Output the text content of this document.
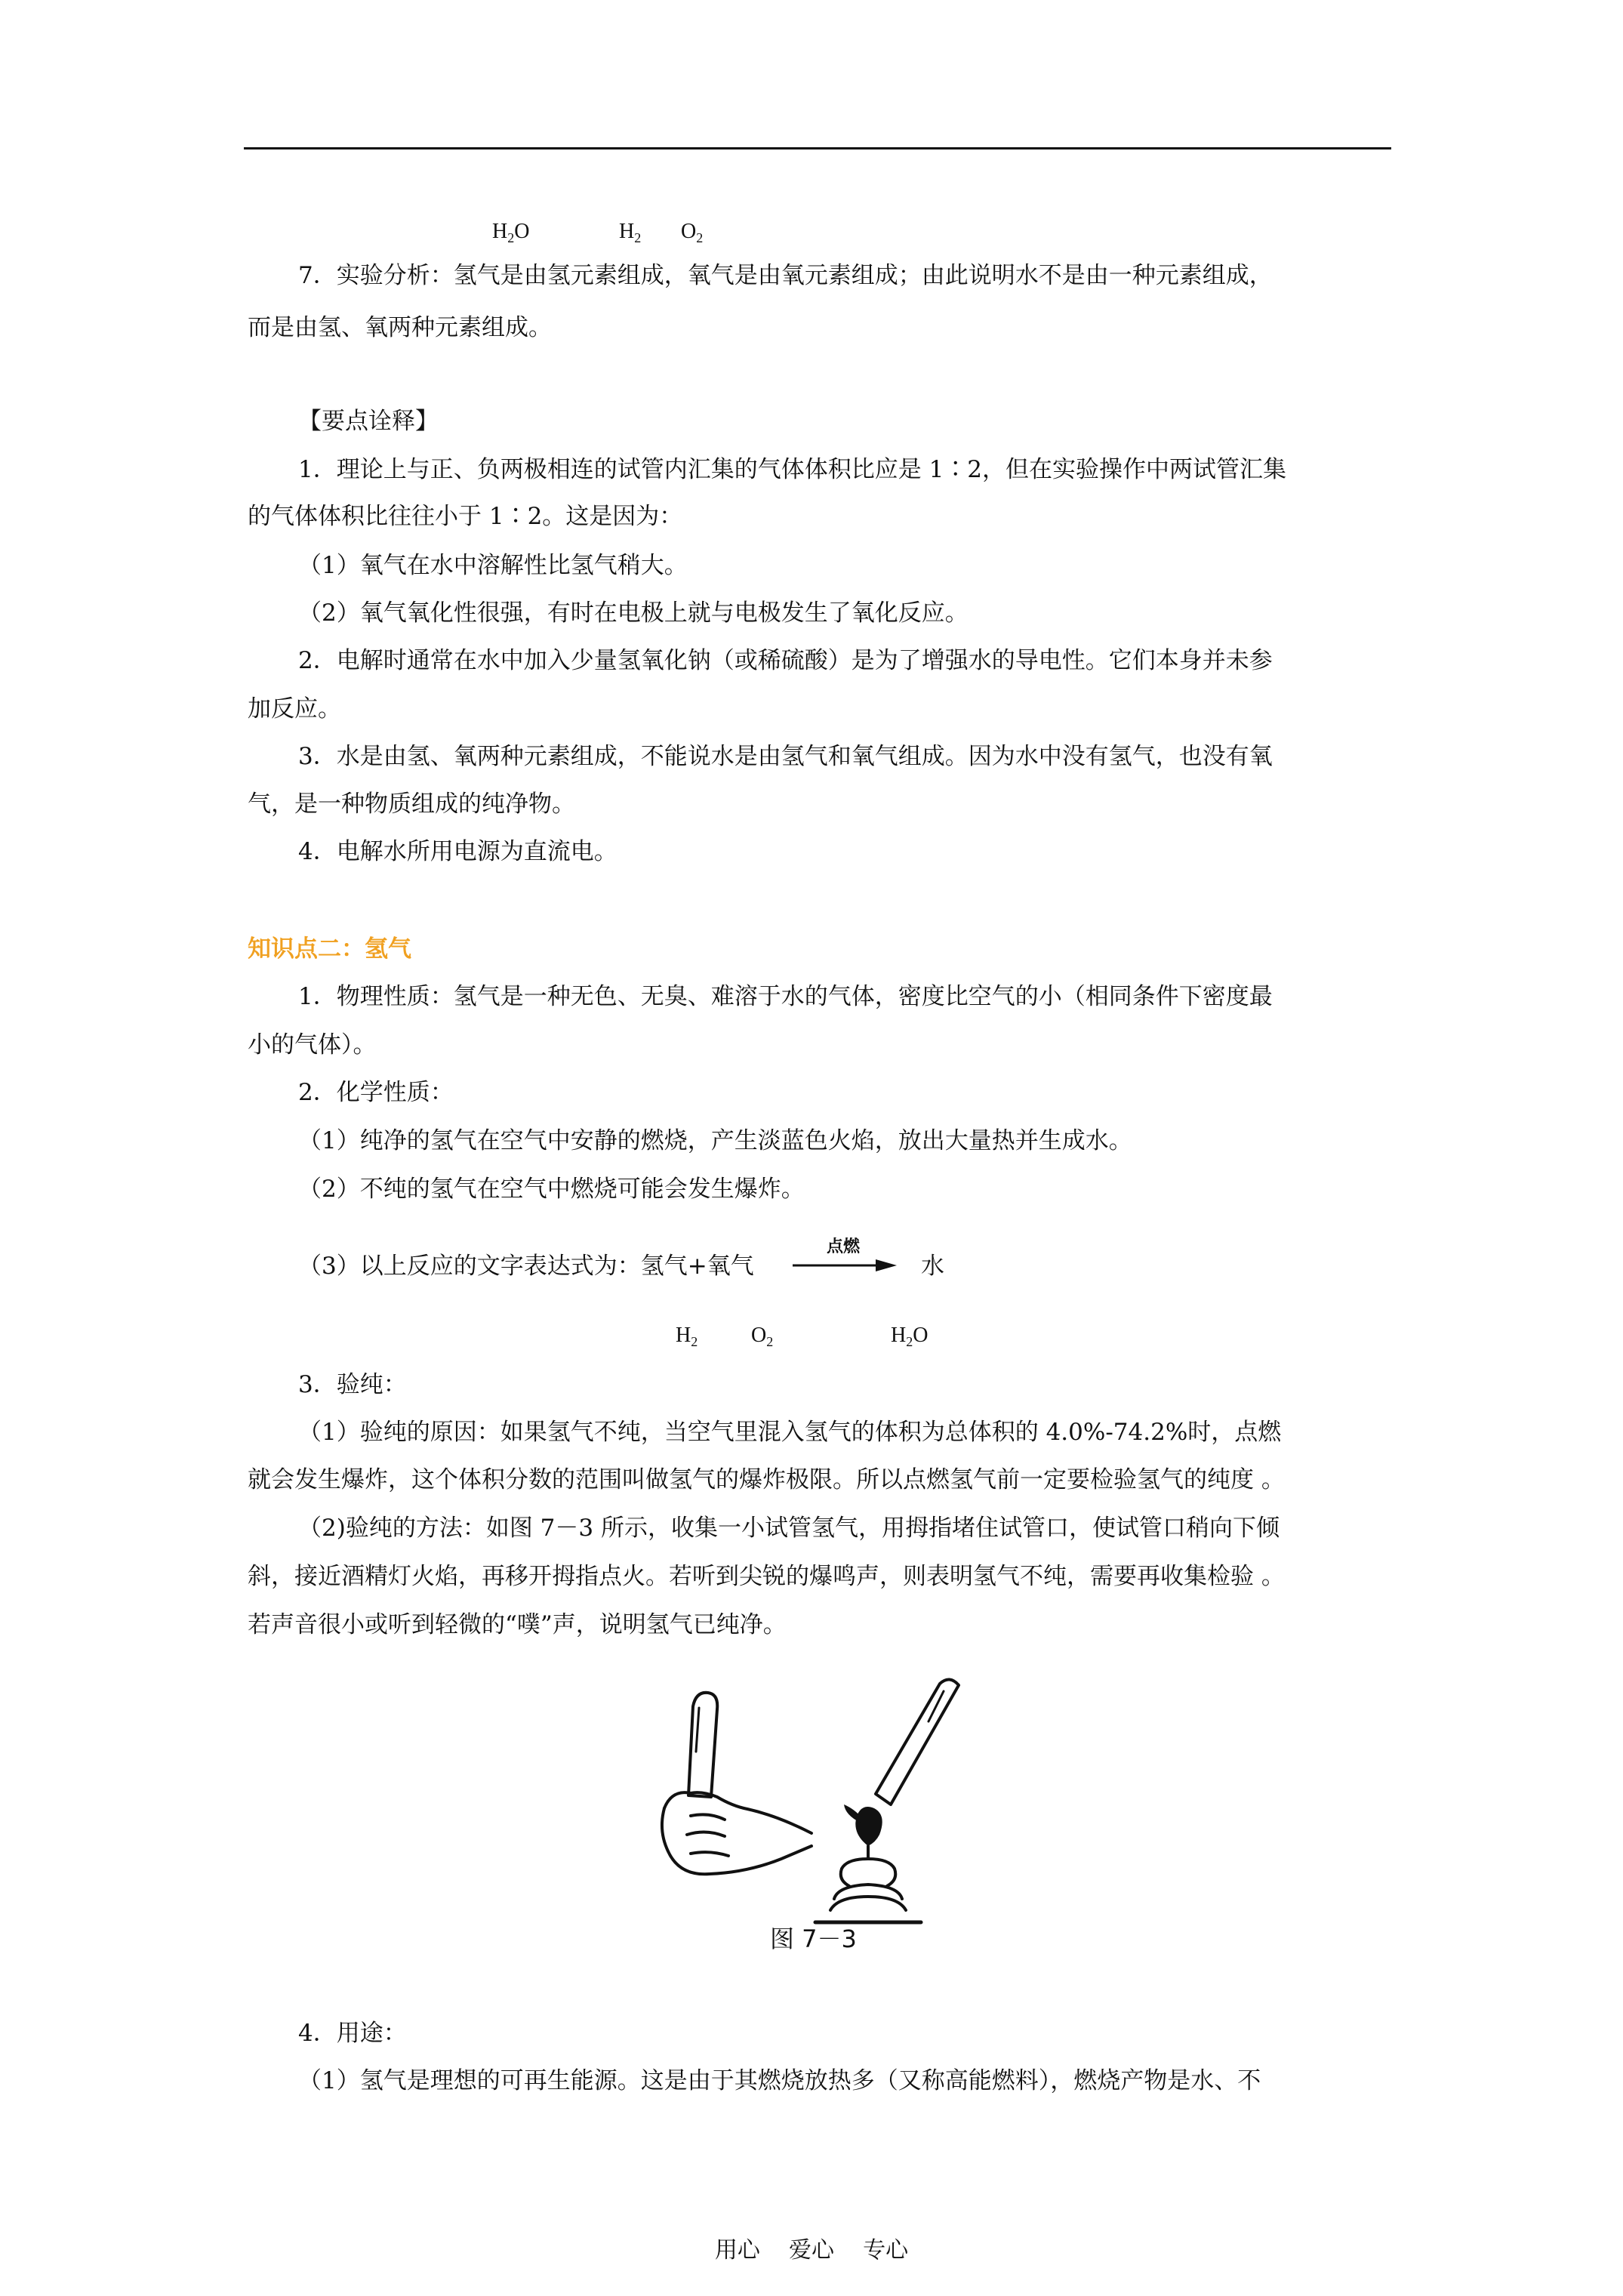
$H_2O$	$H_2$ $O_2$
7．实验分析：氢气是由氢元素组成，氧气是由氧元素组成；由此说明水不是由一种元素组成，
而是由氢、氧两种元素组成。
【要点诠释】
1．理论上与正、负两极相连的试管内汇集的气体体积比应是 1∶2，但在实验操作中两试管汇集
的气体体积比往往小于 1∶2。这是因为：
（1）氧气在水中溶解性比氢气稍大。
（2）氧气氧化性很强，有时在电极上就与电极发生了氧化反应。
2．电解时通常在水中加入少量氢氧化钠（或稀硫酸）是为了增强水的导电性。它们本身并未参
加反应。
3．水是由氢、氧两种元素组成，不能说水是由氢气和氧气组成。因为水中没有氢气，也没有氧
气，是一种物质组成的纯净物。
4．电解水所用电源为直流电。
知识点二：氢气
1．物理性质：氢气是一种无色、无臭、难溶于水的气体，密度比空气的小（相同条件下密度最
小的气体）。
2．化学性质：
（1）纯净的氢气在空气中安静的燃烧，产生淡蓝色火焰，放出大量热并生成水。
（2）不纯的氢气在空气中燃烧可能会发生爆炸。
（3）以上反应的文字表达式为：氢气+氧气
点燃
水
$H_2$	$O_2$	$H_2O$
3．验纯：
（1）验纯的原因：如果氢气不纯，当空气里混入氢气的体积为总体积的 4.0%-74.2%时，点燃
就会发生爆炸，这个体积分数的范围叫做氢气的爆炸极限。所以点燃氢气前一定要检验氢气的纯度 。
（2)验纯的方法：如图 7－3 所示，收集一小试管氢气，用拇指堵住试管口，使试管口稍向下倾
斜，接近酒精灯火焰，再移开拇指点火。若听到尖锐的爆鸣声，则表明氢气不纯，需要再收集检验 。
若声音很小或听到轻微的“噗”声，说明氢气已纯净。
图 7－3
4．用途：
（1）氢气是理想的可再生能源。这是由于其燃烧放热多（又称高能燃料），燃烧产物是水、不
用心    爱心    专心
